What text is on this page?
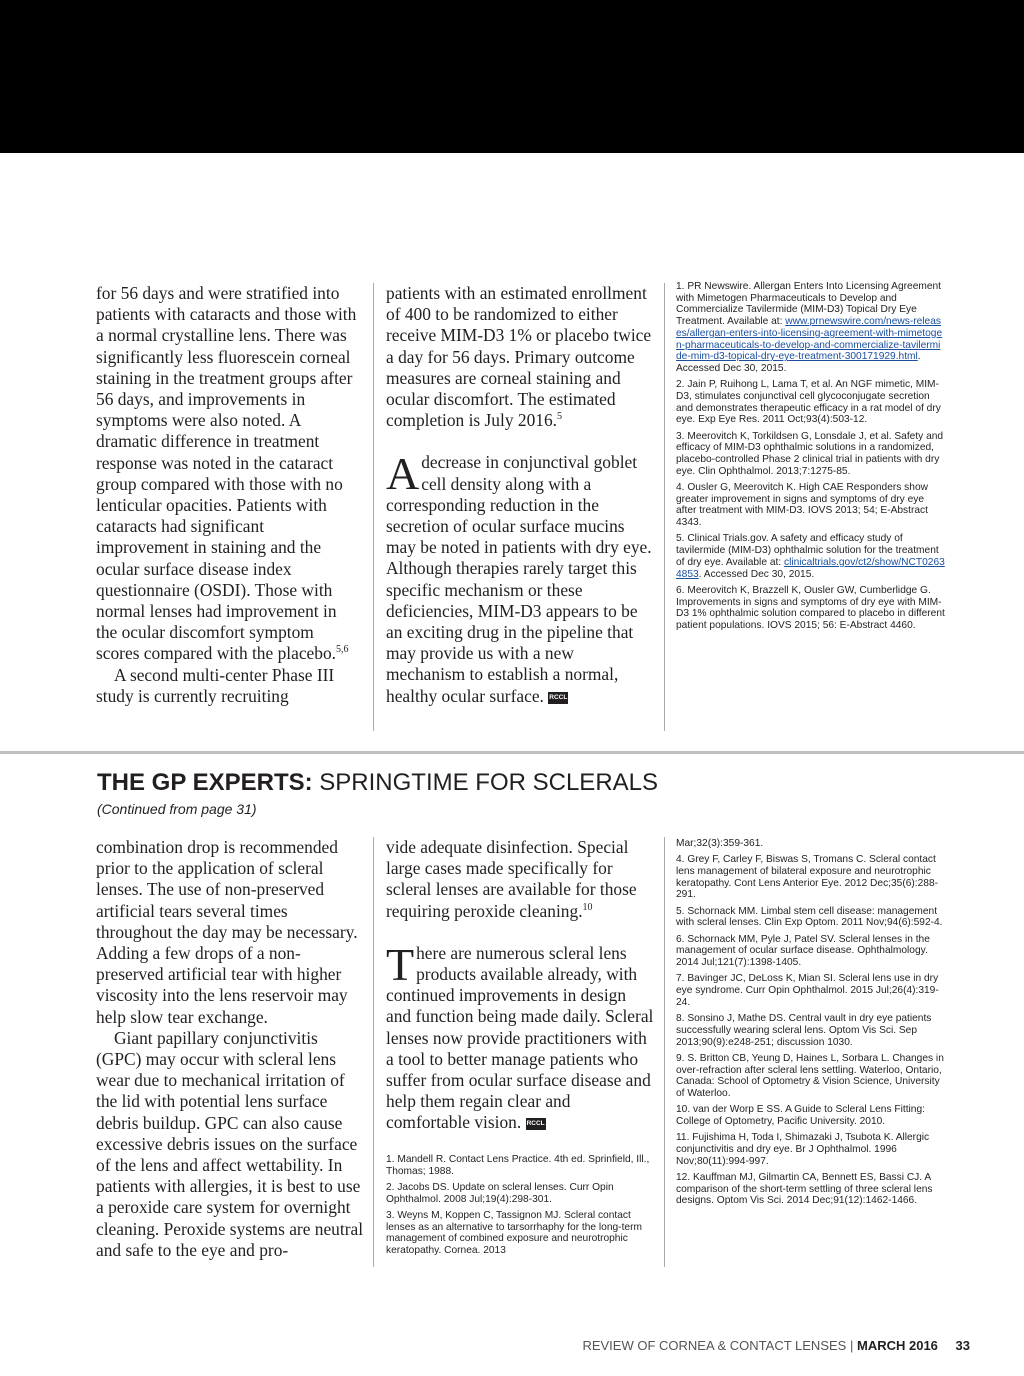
for 56 days and were stratified into patients with cataracts and those with a normal crystalline lens. There was significantly less fluorescein corneal staining in the treatment groups after 56 days, and improvements in symptoms were also noted. A dramatic difference in treatment response was noted in the cataract group compared with those with no lenticular opacities. Patients with cataracts had significant improvement in staining and the ocular surface disease index questionnaire (OSDI). Those with normal lenses had improvement in the ocular discomfort symptom scores compared with the placebo.$^{5,6}$

A second multi-center Phase III study is currently recruiting

patients with an estimated enrollment of 400 to be randomized to either receive MIM-D3 1% or placebo twice a day for 56 days. Primary outcome measures are corneal staining and ocular discomfort. The estimated completion is July 2016.$^5$

Adecrease in conjunctival goblet cell density along with a corresponding reduction in the secretion of ocular surface mucins may be noted in patients with dry eye. Although therapies rarely target this specific mechanism or these deficiencies, MIM-D3 appears to be an exciting drug in the pipeline that may provide us with a new mechanism to establish a normal, healthy ocular surface. RCCL

1. PR Newswire. Allergan Enters Into Licensing Agreement with Mimetogen Pharmaceuticals to Develop and Commercialize Tavilermide (MIM-D3) Topical Dry Eye Treatment. Available at: www.prnewswire.com/news-releases/allergan-enters-into-licensing-agreement-with-mimetogen-pharmaceuticals-to-develop-and-commercialize-tavilermide-mim-d3-topical-dry-eye-treatment-300171929.html. Accessed Dec 30, 2015.
2. Jain P, Ruihong L, Lama T, et al. An NGF mimetic, MIM-D3, stimulates conjunctival cell glycoconjugate secretion and demonstrates therapeutic efficacy in a rat model of dry eye. Exp Eye Res. 2011 Oct;93(4):503-12.
3. Meerovitch K, Torkildsen G, Lonsdale J, et al. Safety and efficacy of MIM-D3 ophthalmic solutions in a randomized, placebo-controlled Phase 2 clinical trial in patients with dry eye. Clin Ophthalmol. 2013;7:1275-85.
4. Ousler G, Meerovitch K. High CAE Responders show greater improvement in signs and symptoms of dry eye after treatment with MIM-D3. IOVS 2013; 54; E-Abstract 4343.
5. Clinical Trials.gov. A safety and efficacy study of tavilermide (MIM-D3) ophthalmic solution for the treatment of dry eye. Available at: clinicaltrials.gov/ct2/show/NCT02634853. Accessed Dec 30, 2015.
6. Meerovitch K, Brazzell K, Ousler GW, Cumberlidge G. Improvements in signs and symptoms of dry eye with MIM-D3 1% ophthalmic solution compared to placebo in different patient populations. IOVS 2015; 56: E-Abstract 4460.
THE GP EXPERTS: SPRINGTIME FOR SCLERALS
(Continued from page 31)

combination drop is recommended prior to the application of scleral lenses. The use of non-preserved artificial tears several times throughout the day may be necessary. Adding a few drops of a non-preserved artificial tear with higher viscosity into the lens reservoir may help slow tear exchange.

Giant papillary conjunctivitis (GPC) may occur with scleral lens wear due to mechanical irritation of the lid with potential lens surface debris buildup. GPC can also cause excessive debris issues on the surface of the lens and affect wettability. In patients with allergies, it is best to use a peroxide care system for overnight cleaning. Peroxide systems are neutral and safe to the eye and pro-

vide adequate disinfection. Special large cases made specifically for scleral lenses are available for those requiring peroxide cleaning.$^{10}$

There are numerous scleral lens products available already, with continued improvements in design and function being made daily. Scleral lenses now provide practitioners with a tool to better manage patients who suffer from ocular surface disease and help them regain clear and comfortable vision. RCCL

1. Mandell R. Contact Lens Practice. 4th ed. Sprinfield, Ill., Thomas; 1988.
2. Jacobs DS. Update on scleral lenses. Curr Opin Ophthalmol. 2008 Jul;19(4):298-301.
3. Weyns M, Koppen C, Tassignon MJ. Scleral contact lenses as an alternative to tarsorrhaphy for the long-term management of combined exposure and neurotrophic keratopathy. Cornea. 2013
Mar;32(3):359-361.
4. Grey F, Carley F, Biswas S, Tromans C. Scleral contact lens management of bilateral exposure and neurotrophic keratopathy. Cont Lens Anterior Eye. 2012 Dec;35(6):288-291.
5. Schornack MM. Limbal stem cell disease: management with scleral lenses. Clin Exp Optom. 2011 Nov;94(6):592-4.
6. Schornack MM, Pyle J, Patel SV. Scleral lenses in the management of ocular surface disease. Ophthalmology. 2014 Jul;121(7):1398-1405.
7. Bavinger JC, DeLoss K, Mian SI. Scleral lens use in dry eye syndrome. Curr Opin Ophthalmol. 2015 Jul;26(4):319-24.
8. Sonsino J, Mathe DS. Central vault in dry eye patients successfully wearing scleral lens. Optom Vis Sci. Sep 2013;90(9):e248-251; discussion 1030.
9. S. Britton CB, Yeung D, Haines L, Sorbara L. Changes in over-refraction after scleral lens settling. Waterloo, Ontario, Canada: School of Optometry & Vision Science, University of Waterloo.
10. van der Worp E SS. A Guide to Scleral Lens Fitting: College of Optometry, Pacific University. 2010.
11. Fujishima H, Toda I, Shimazaki J, Tsubota K. Allergic conjunctivitis and dry eye. Br J Ophthalmol. 1996 Nov;80(11):994-997.
12. Kauffman MJ, Gilmartin CA, Bennett ES, Bassi CJ. A comparison of the short-term settling of three scleral lens designs. Optom Vis Sci. 2014 Dec;91(12):1462-1466.
REVIEW OF CORNEA & CONTACT LENSES | MARCH 2016 33
